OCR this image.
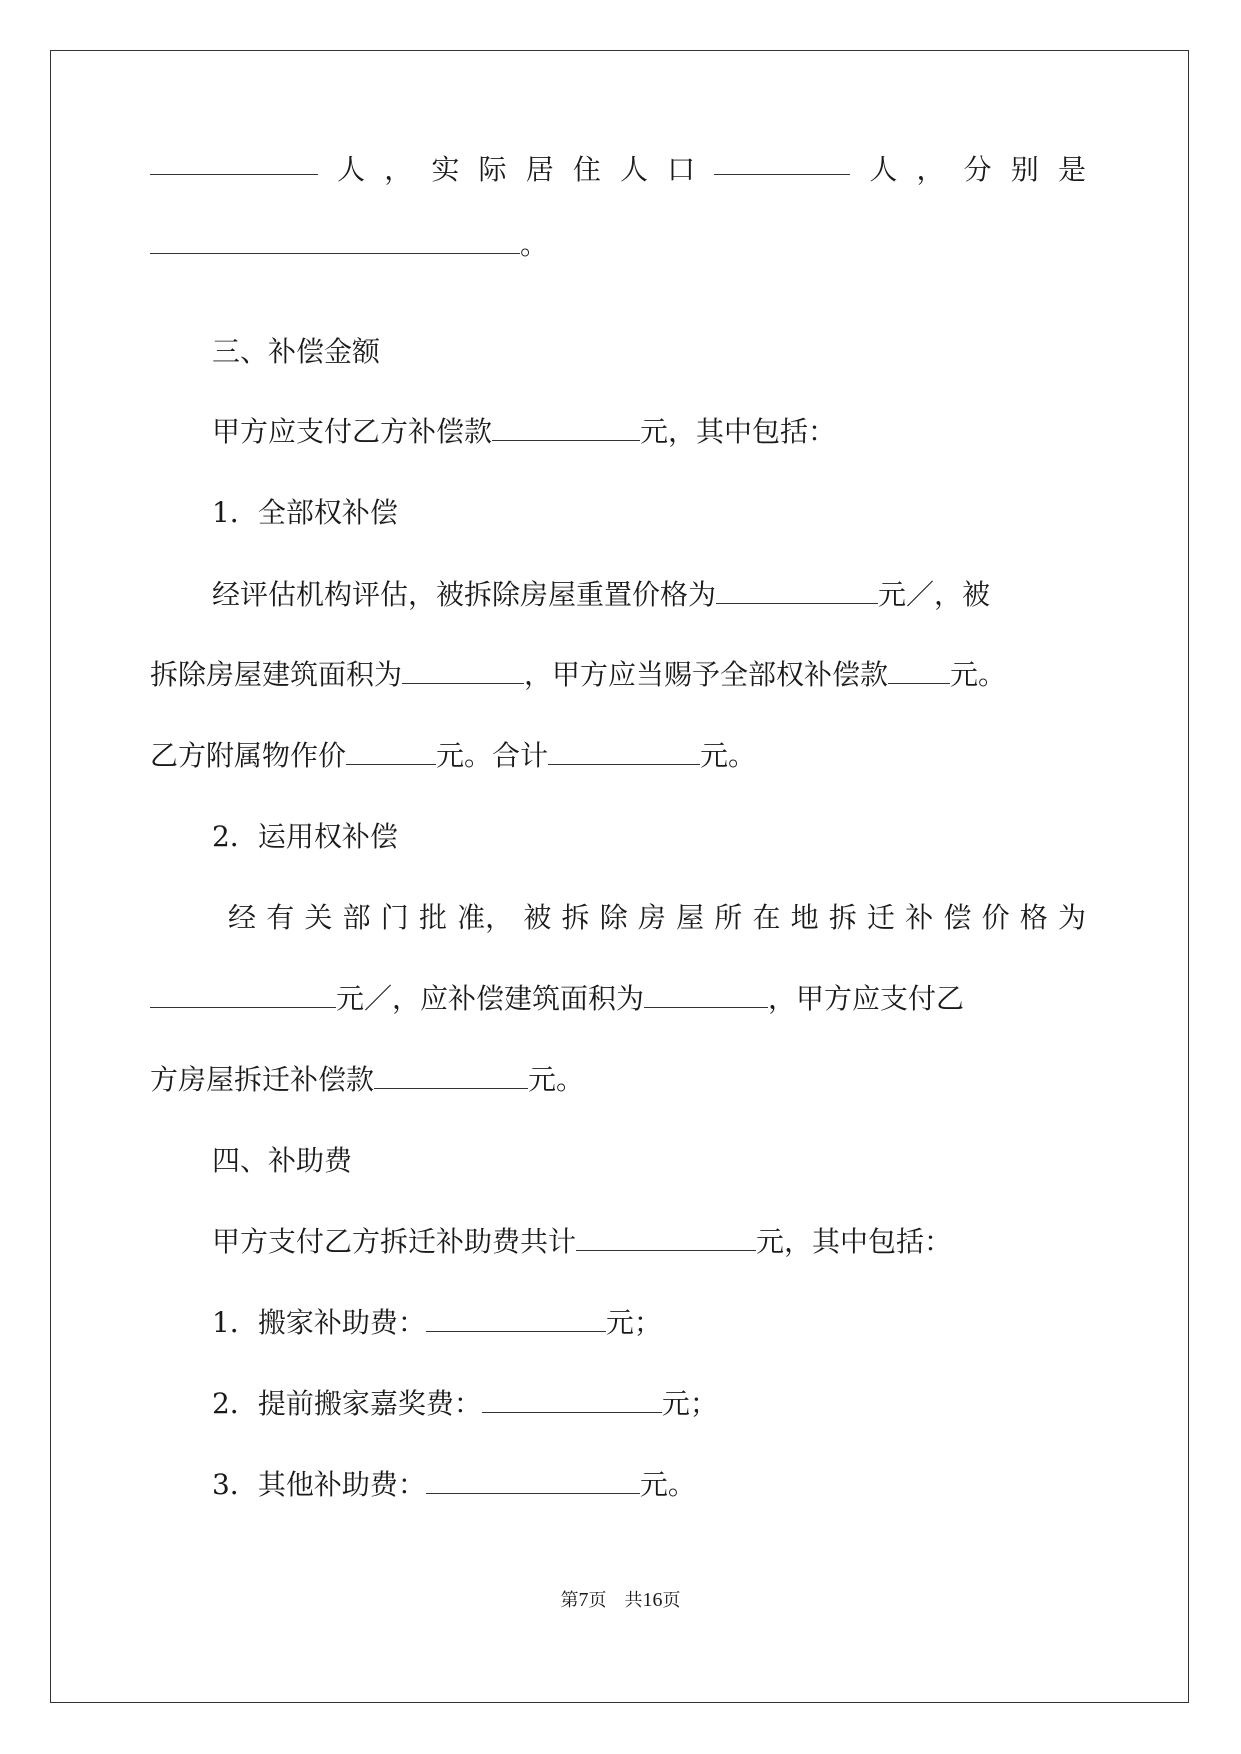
人 ， 实 际 居 住 人 口	人 ， 分 别 是
。
三、补偿金额
甲方应支付乙方补偿款	元，其中包括：
1．全部权补偿
经评估机构评估，被拆除房屋重置价格为	元／，被
拆除房屋建筑面积为	，甲方应当赐予全部权补偿款 元。
乙方附属物作价	元。合计	元。
2．运用权补偿
经 有 关 部 门 批 准， 被 拆 除 房 屋 所 在 地 拆 迁 补 偿 价 格 为
元／，应补偿建筑面积为	，甲方应支付乙
方房屋拆迁补偿款	元。
四、补助费
甲方支付乙方拆迁补助费共计	元，其中包括：
1．搬家补助费：	元；
2．提前搬家嘉奖费：	元；
3．其他补助费：	元。
第7页　共16页
